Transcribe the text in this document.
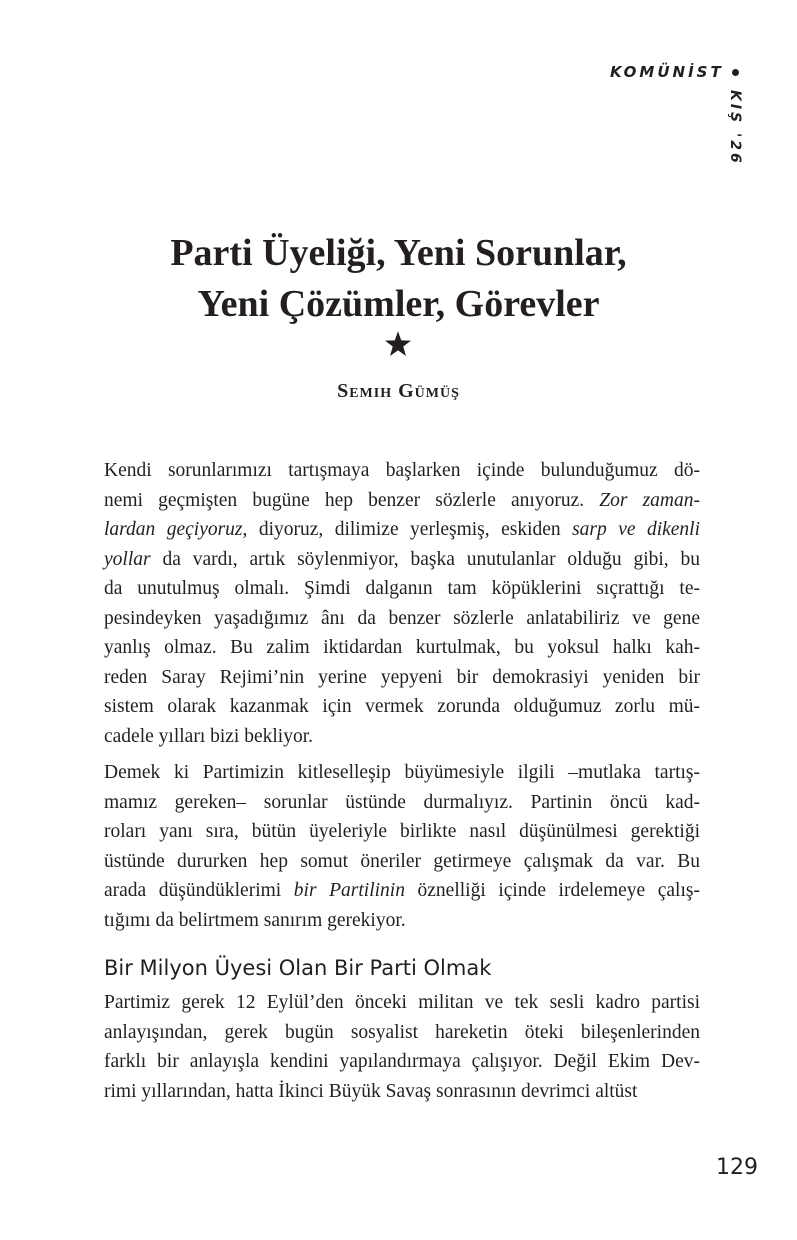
KOMÜNİST
KIŞ '26
Parti Üyeliği, Yeni Sorunlar,
Yeni Çözümler, Görevler
Semih Gümüş
Kendi sorunlarımızı tartışmaya başlarken içinde bulunduğumuz dö-
nemi geçmişten bugüne hep benzer sözlerle anıyoruz. Zor zaman-
lardan geçiyoruz, diyoruz, dilimize yerleşmiş, eskiden sarp ve dikenli
yollar da vardı, artık söylenmiyor, başka unutulanlar olduğu gibi, bu
da unutulmuş olmalı. Şimdi dalganın tam köpüklerini sıçrattığı te-
pesindeyken yaşadığımız ânı da benzer sözlerle anlatabiliriz ve gene
yanlış olmaz. Bu zalim iktidardan kurtulmak, bu yoksul halkı kah-
reden Saray Rejimi’nin yerine yepyeni bir demokrasiyi yeniden bir
sistem olarak kazanmak için vermek zorunda olduğumuz zorlu mü-
cadele yılları bizi bekliyor.
Demek ki Partimizin kitleselleşip büyümesiyle ilgili –mutlaka tartış-
mamız gereken– sorunlar üstünde durmalıyız. Partinin öncü kad-
roları yanı sıra, bütün üyeleriyle birlikte nasıl düşünülmesi gerektiği
üstünde dururken hep somut öneriler getirmeye çalışmak da var. Bu
arada düşündüklerimi bir Partilinin öznelliği içinde irdelemeye çalış-
tığımı da belirtmem sanırım gerekiyor.
Bir Milyon Üyesi Olan Bir Parti Olmak
Partimiz gerek 12 Eylül’den önceki militan ve tek sesli kadro partisi
anlayışından, gerek bugün sosyalist hareketin öteki bileşenlerinden
farklı bir anlayışla kendini yapılandırmaya çalışıyor. Değil Ekim Dev-
rimi yıllarından, hatta İkinci Büyük Savaş sonrasının devrimci altüst
129
